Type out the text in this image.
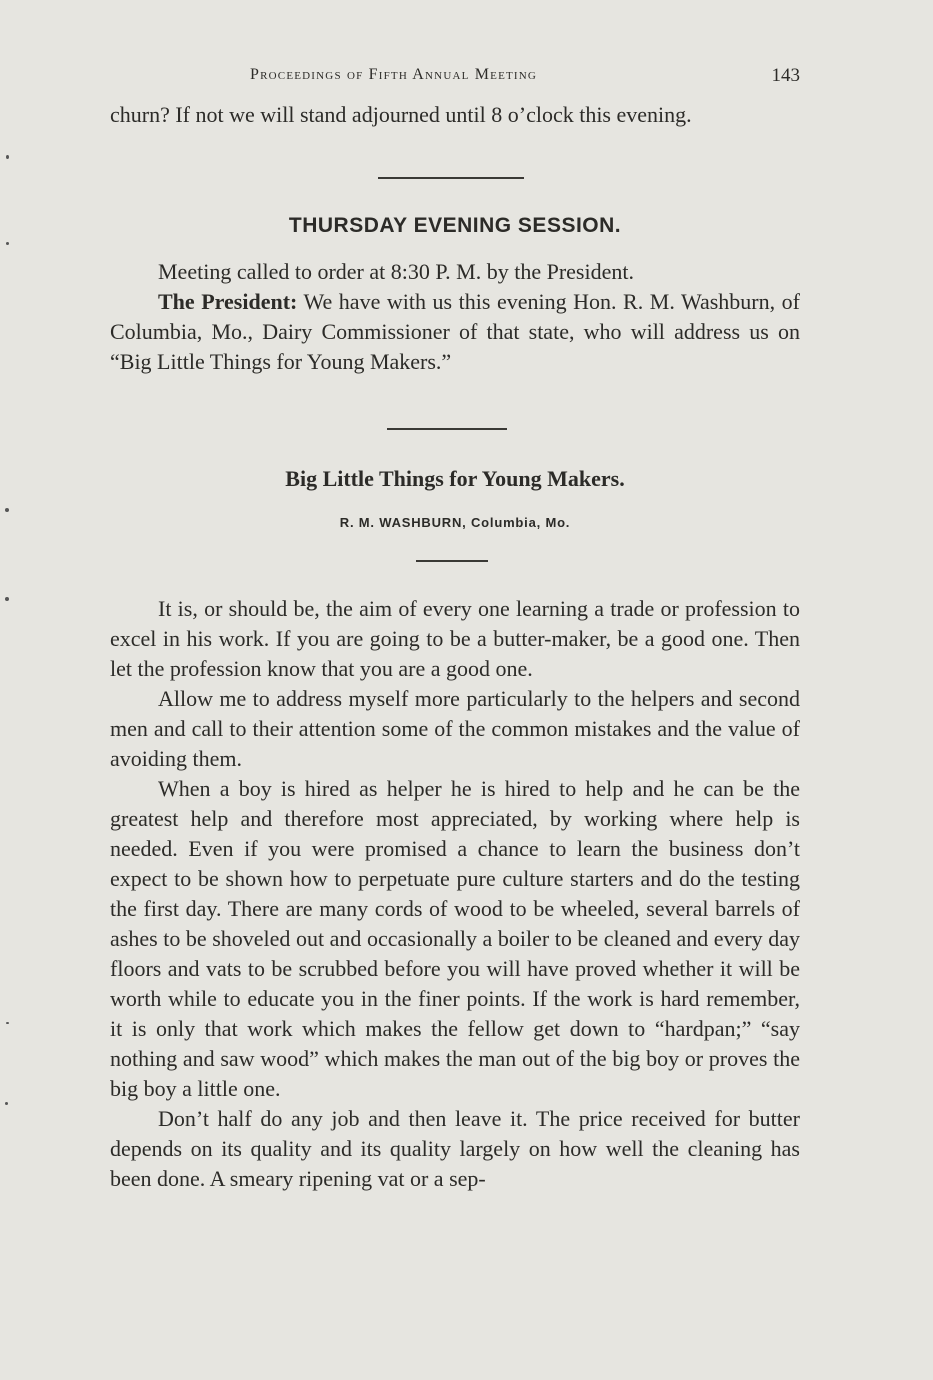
Proceedings of Fifth Annual Meeting	143

churn? If not we will stand adjourned until 8 o’clock this evening.

THURSDAY EVENING SESSION.

Meeting called to order at 8:30 P. M. by the President.

The President: We have with us this evening Hon. R. M. Washburn, of Columbia, Mo., Dairy Commissioner of that state, who will address us on “Big Little Things for Young Makers.”

Big Little Things for Young Makers.
R. M. WASHBURN, Columbia, Mo.

It is, or should be, the aim of every one learning a trade or profession to excel in his work. If you are going to be a butter-maker, be a good one. Then let the profession know that you are a good one.

Allow me to address myself more particularly to the helpers and second men and call to their attention some of the common mistakes and the value of avoiding them.

When a boy is hired as helper he is hired to help and he can be the greatest help and therefore most appreciated, by working where help is needed. Even if you were promised a chance to learn the business don’t expect to be shown how to perpetuate pure culture starters and do the testing the first day. There are many cords of wood to be wheeled, several barrels of ashes to be shoveled out and occasionally a boiler to be cleaned and every day floors and vats to be scrubbed before you will have proved whether it will be worth while to educate you in the finer points. If the work is hard remember, it is only that work which makes the fellow get down to “hardpan;” “say nothing and saw wood” which makes the man out of the big boy or proves the big boy a little one.

Don’t half do any job and then leave it. The price received for butter depends on its quality and its quality largely on how well the cleaning has been done. A smeary ripening vat or a sep-
